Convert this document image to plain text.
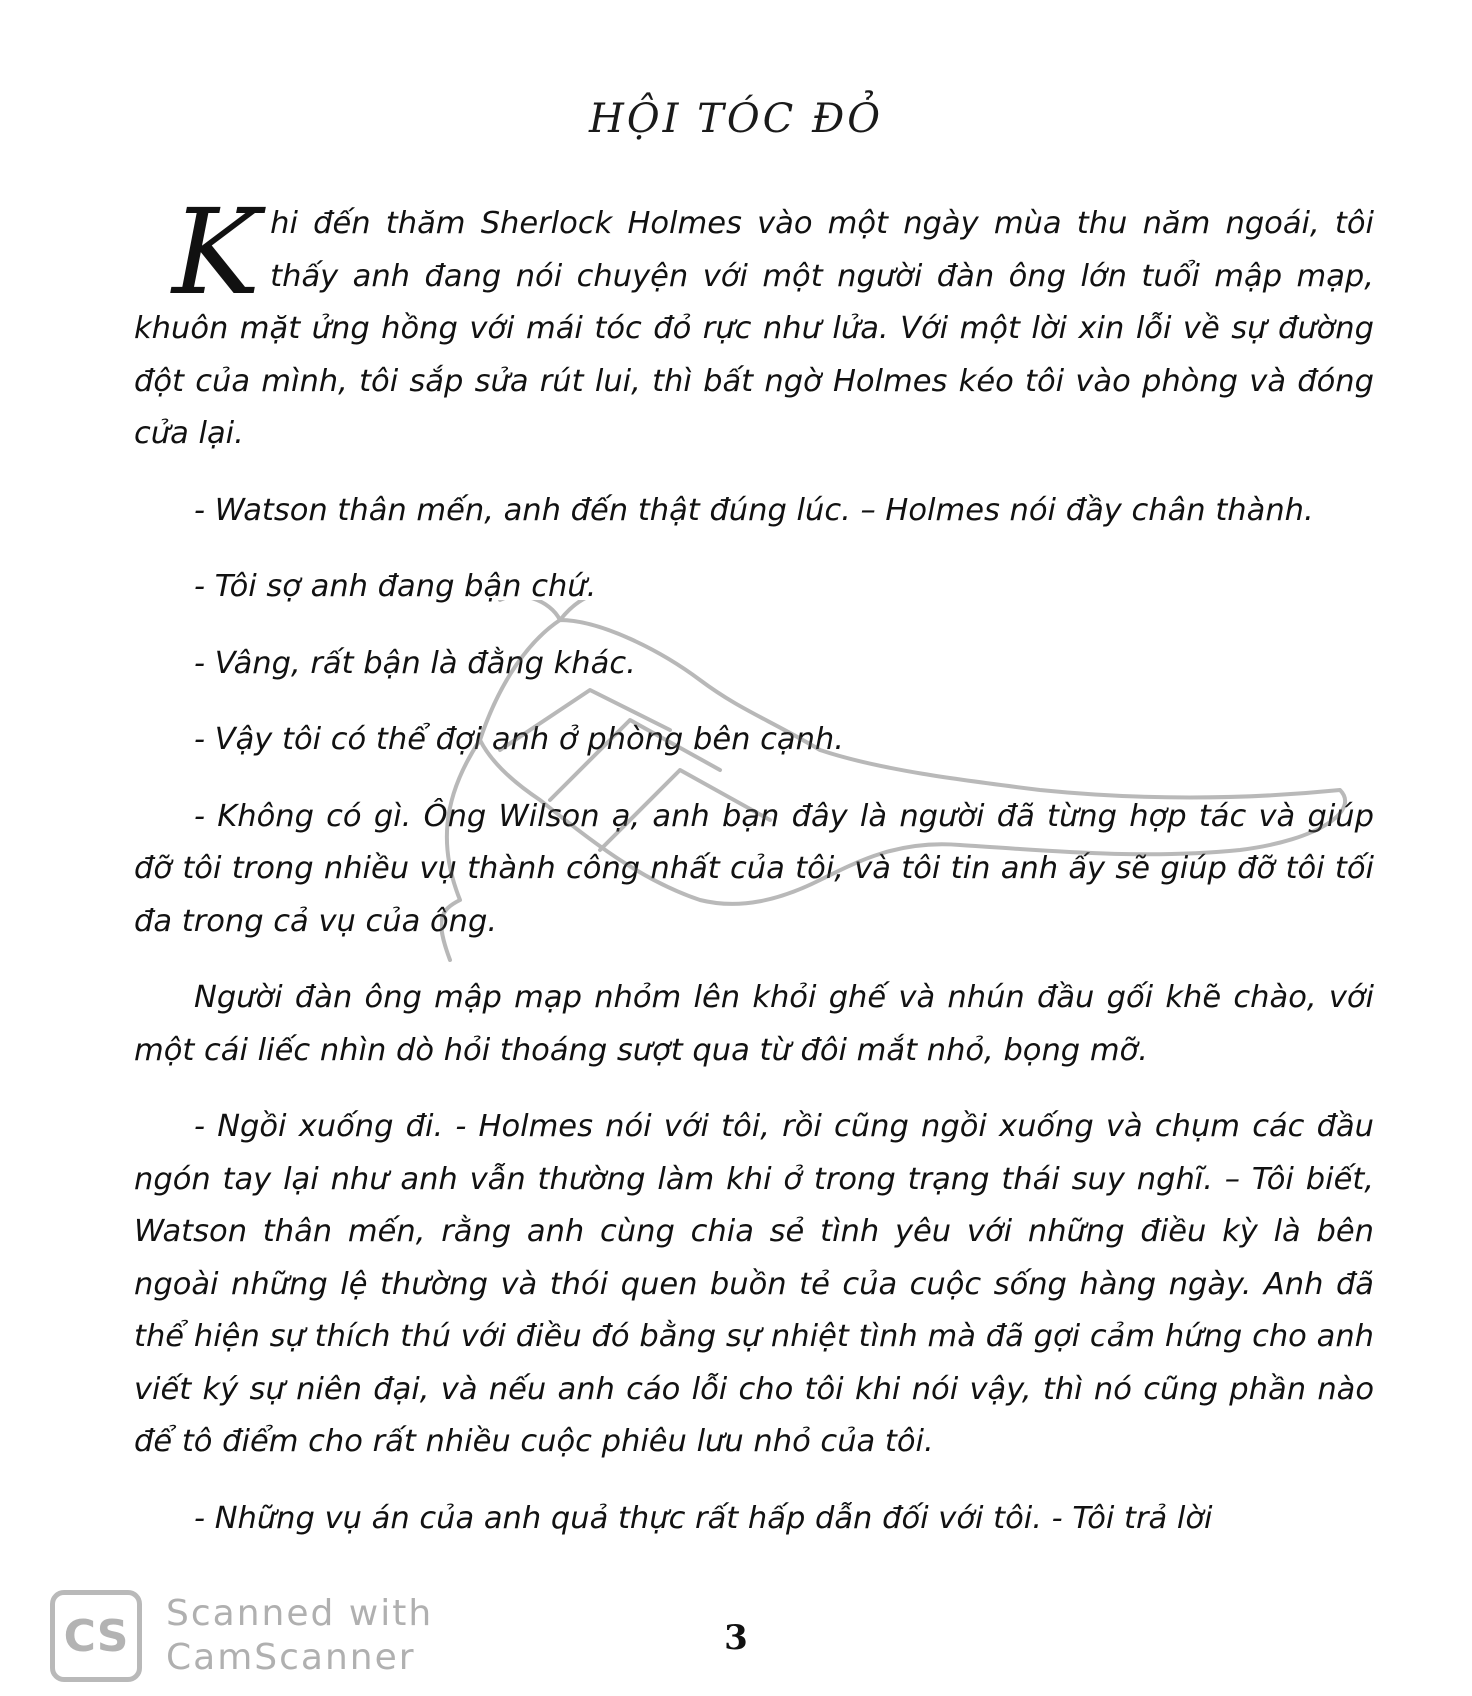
HỘI TÓC ĐỎ

Khi đến thăm Sherlock Holmes vào một ngày mùa thu năm ngoái, tôi thấy anh đang nói chuyện với một người đàn ông lớn tuổi mập mạp, khuôn mặt ửng hồng với mái tóc đỏ rực như lửa. Với một lời xin lỗi về sự đường đột của mình, tôi sắp sửa rút lui, thì bất ngờ Holmes kéo tôi vào phòng và đóng cửa lại.

- Watson thân mến, anh đến thật đúng lúc. – Holmes nói đầy chân thành.

- Tôi sợ anh đang bận chứ.

- Vâng, rất bận là đằng khác.

- Vậy tôi có thể đợi anh ở phòng bên cạnh.

- Không có gì. Ông Wilson ạ, anh bạn đây là người đã từng hợp tác và giúp đỡ tôi trong nhiều vụ thành công nhất của tôi, và tôi tin anh ấy sẽ giúp đỡ tôi tối đa trong cả vụ của ông.

Người đàn ông mập mạp nhỏm lên khỏi ghế và nhún đầu gối khẽ chào, với một cái liếc nhìn dò hỏi thoáng sượt qua từ đôi mắt nhỏ, bọng mỡ.

- Ngồi xuống đi. - Holmes nói với tôi, rồi cũng ngồi xuống và chụm các đầu ngón tay lại như anh vẫn thường làm khi ở trong trạng thái suy nghĩ. – Tôi biết, Watson thân mến, rằng anh cùng chia sẻ tình yêu với những điều kỳ là bên ngoài những lệ thường và thói quen buồn tẻ của cuộc sống hàng ngày. Anh đã thể hiện sự thích thú với điều đó bằng sự nhiệt tình mà đã gợi cảm hứng cho anh viết ký sự niên đại, và nếu anh cáo lỗi cho tôi khi nói vậy, thì nó cũng phần nào để tô điểm cho rất nhiều cuộc phiêu lưu nhỏ của tôi.

- Những vụ án của anh quả thực rất hấp dẫn đối với tôi. - Tôi trả lời

CS	Scanned with
CamScanner	3
